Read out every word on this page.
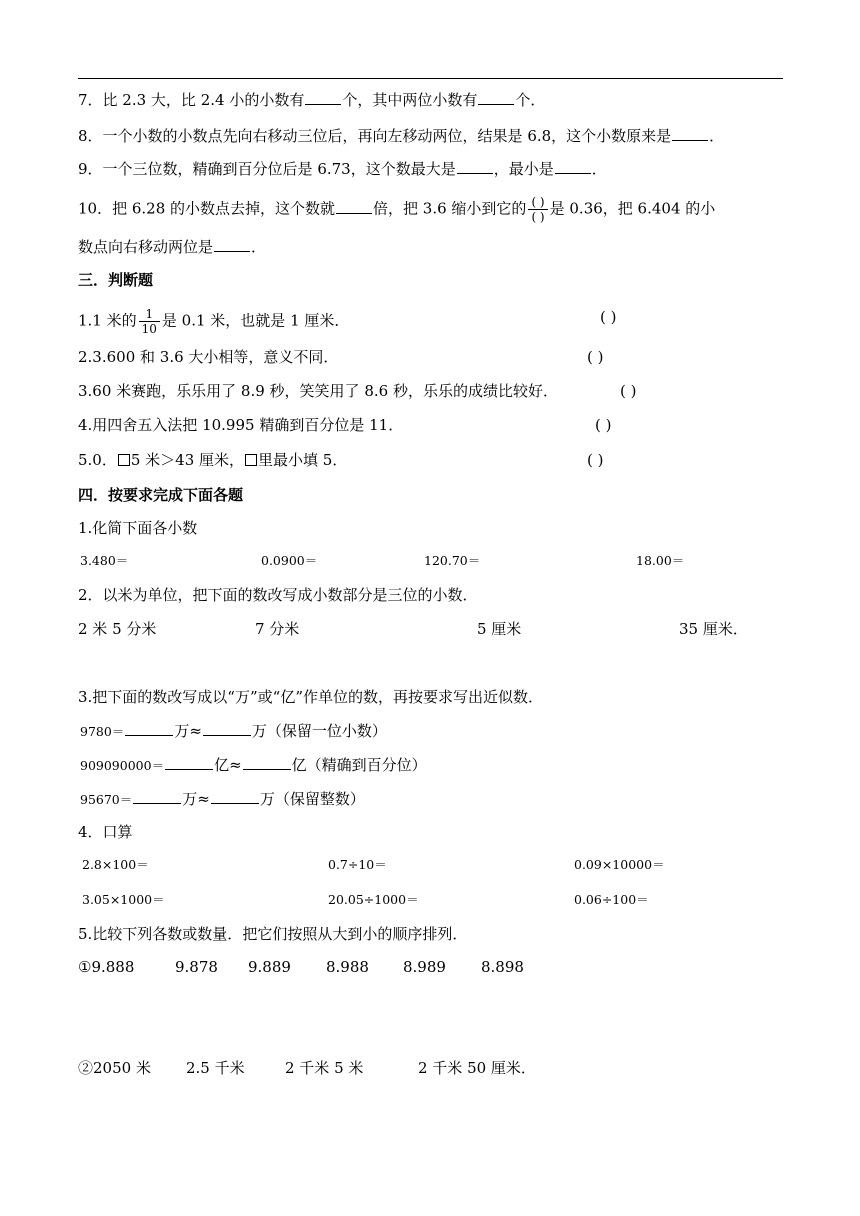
7．比 2.3 大，比 2.4 小的小数有	个，其中两位小数有	个．
8．一个小数的小数点先向右移动三位后，再向左移动两位，结果是 6.8，这个小数原来是	．
9．一个三位数，精确到百分位后是 6.73，这个数最大是	，最小是	．
10．把 6.28 的小数点去掉，这个数就	倍，把 3.6 缩小到它的 $\frac{( )}{( )}$ 是 0.36，把 6.404 的小
数点向右移动两位是	．
三．判断题
1.1 米的 $\frac{1}{10}$ 是 0.1 米，也就是 1 厘米．	( )
2.3.600 和 3.6 大小相等，意义不同．	( )
3.60 米赛跑，乐乐用了 8.9 秒，笑笑用了 8.6 秒，乐乐的成绩比较好．	( )
4.用四舍五入法把 10.995 精确到百分位是 11．	( )
5.0． 5 米＞43 厘米， 里最小填 5．	( )
四．按要求完成下面各题
1.化简下面各小数
3.480＝	0.0900＝	120.70＝	18.00＝
2．以米为单位，把下面的数改写成小数部分是三位的小数．
2 米 5 分米	7 分米	5 厘米	35 厘米．
3.把下面的数改写成以“万”或“亿”作单位的数，再按要求写出近似数．
9780＝	万≈	万（保留一位小数）
909090000＝	亿≈	亿（精确到百分位）
95670＝	万≈	万（保留整数）
4．口算
2.8×100＝	0.7÷10＝	0.09×10000＝
3.05×1000＝	20.05÷1000＝	0.06÷100＝
5.比较下列各数或数量．把它们按照从大到小的顺序排列．
①9.888	9.878 9.889 8.988 8.989 8.898
②2050 米 2.5 千米	2 千米 5 米	2 千米 50 厘米．
